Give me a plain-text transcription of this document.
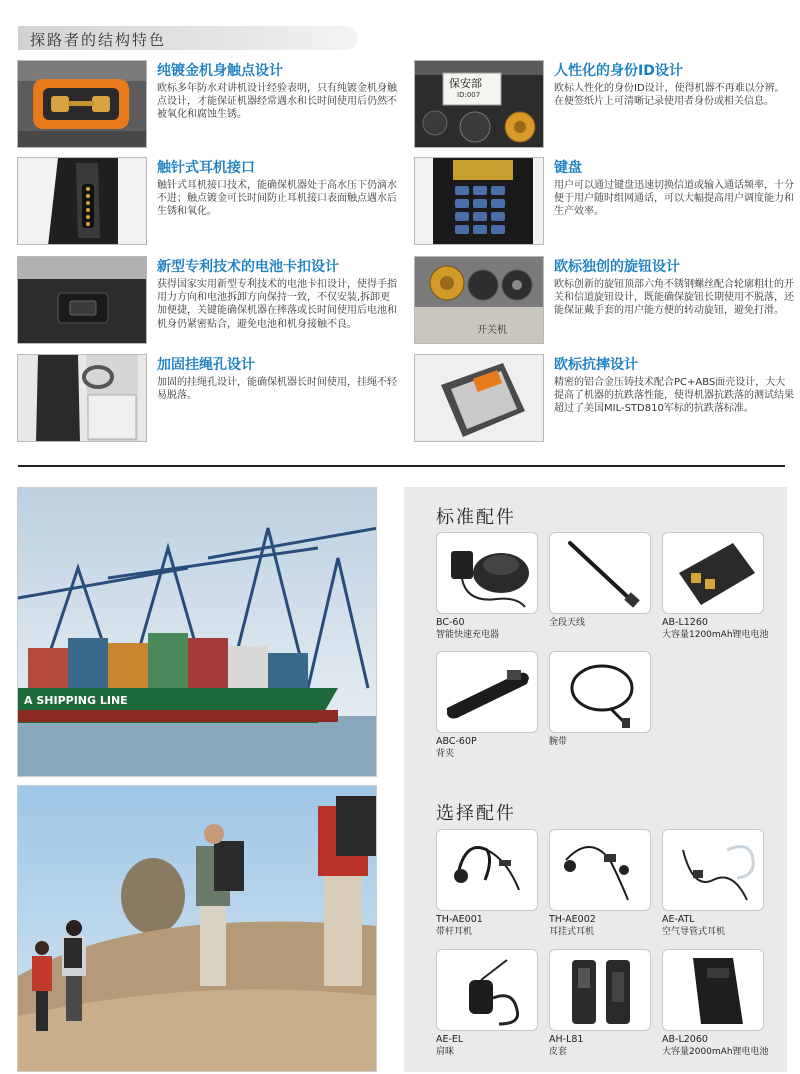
探路者的结构特色
纯镀金机身触点设计
欧标多年防水对讲机设计经验表明，只有纯镀金机身触点设计，才能保证机器经常遇水和长时间使用后仍然不被氧化和腐蚀生锈。
保安部
ID:007
人性化的身份ID设计
欧标人性化的身份ID设计，使得机器不再难以分辨。在便签纸片上可清晰记录使用者身份或相关信息。
触针式耳机接口
触针式耳机接口技术，能确保机器处于高水压下仍滴水不进；触点镀金可长时间防止耳机接口表面触点遇水后生锈和氧化。
键盘
用户可以通过键盘迅速切换信道或输入通话频率，十分便于用户随时组网通话，可以大幅提高用户调度能力和生产效率。
新型专利技术的电池卡扣设计
获得国家实用新型专利技术的电池卡扣设计，使得手指用力方向和电池拆卸方向保持一致，不仅安装,拆卸更加便捷，关键能确保机器在摔落或长时间使用后电池和机身仍紧密贴合，避免电池和机身接触不良。
开关机
欧标独创的旋钮设计
欧标创新的旋钮顶部六角不锈钢螺丝配合轮廓粗壮的开关和信道旋钮设计，既能确保旋钮长期使用不脱落，还能保证戴手套的用户能方便的转动旋钮，避免打滑。
加固挂绳孔设计
加固的挂绳孔设计，能确保机器长时间使用，挂绳不轻易脱落。
欧标抗摔设计
精密的铝合金压铸技术配合PC+ABS面壳设计，大大提高了机器的抗跌落性能，使得机器抗跌落的测试结果超过了美国MIL-STD810军标的抗跌落标准。
A SHIPPING LINE
标准配件
BC-60
智能快速充电器
全段天线	AB-L1260
大容量1200mAh锂电电池
ABC-60P
背夹
腕带
选择配件
TH-AE001
带杆耳机
TH-AE002
耳挂式耳机
AE-ATL
空气导管式耳机
AE-EL
肩咪
AH-L81
皮套
AB-L2060
大容量2000mAh锂电电池
